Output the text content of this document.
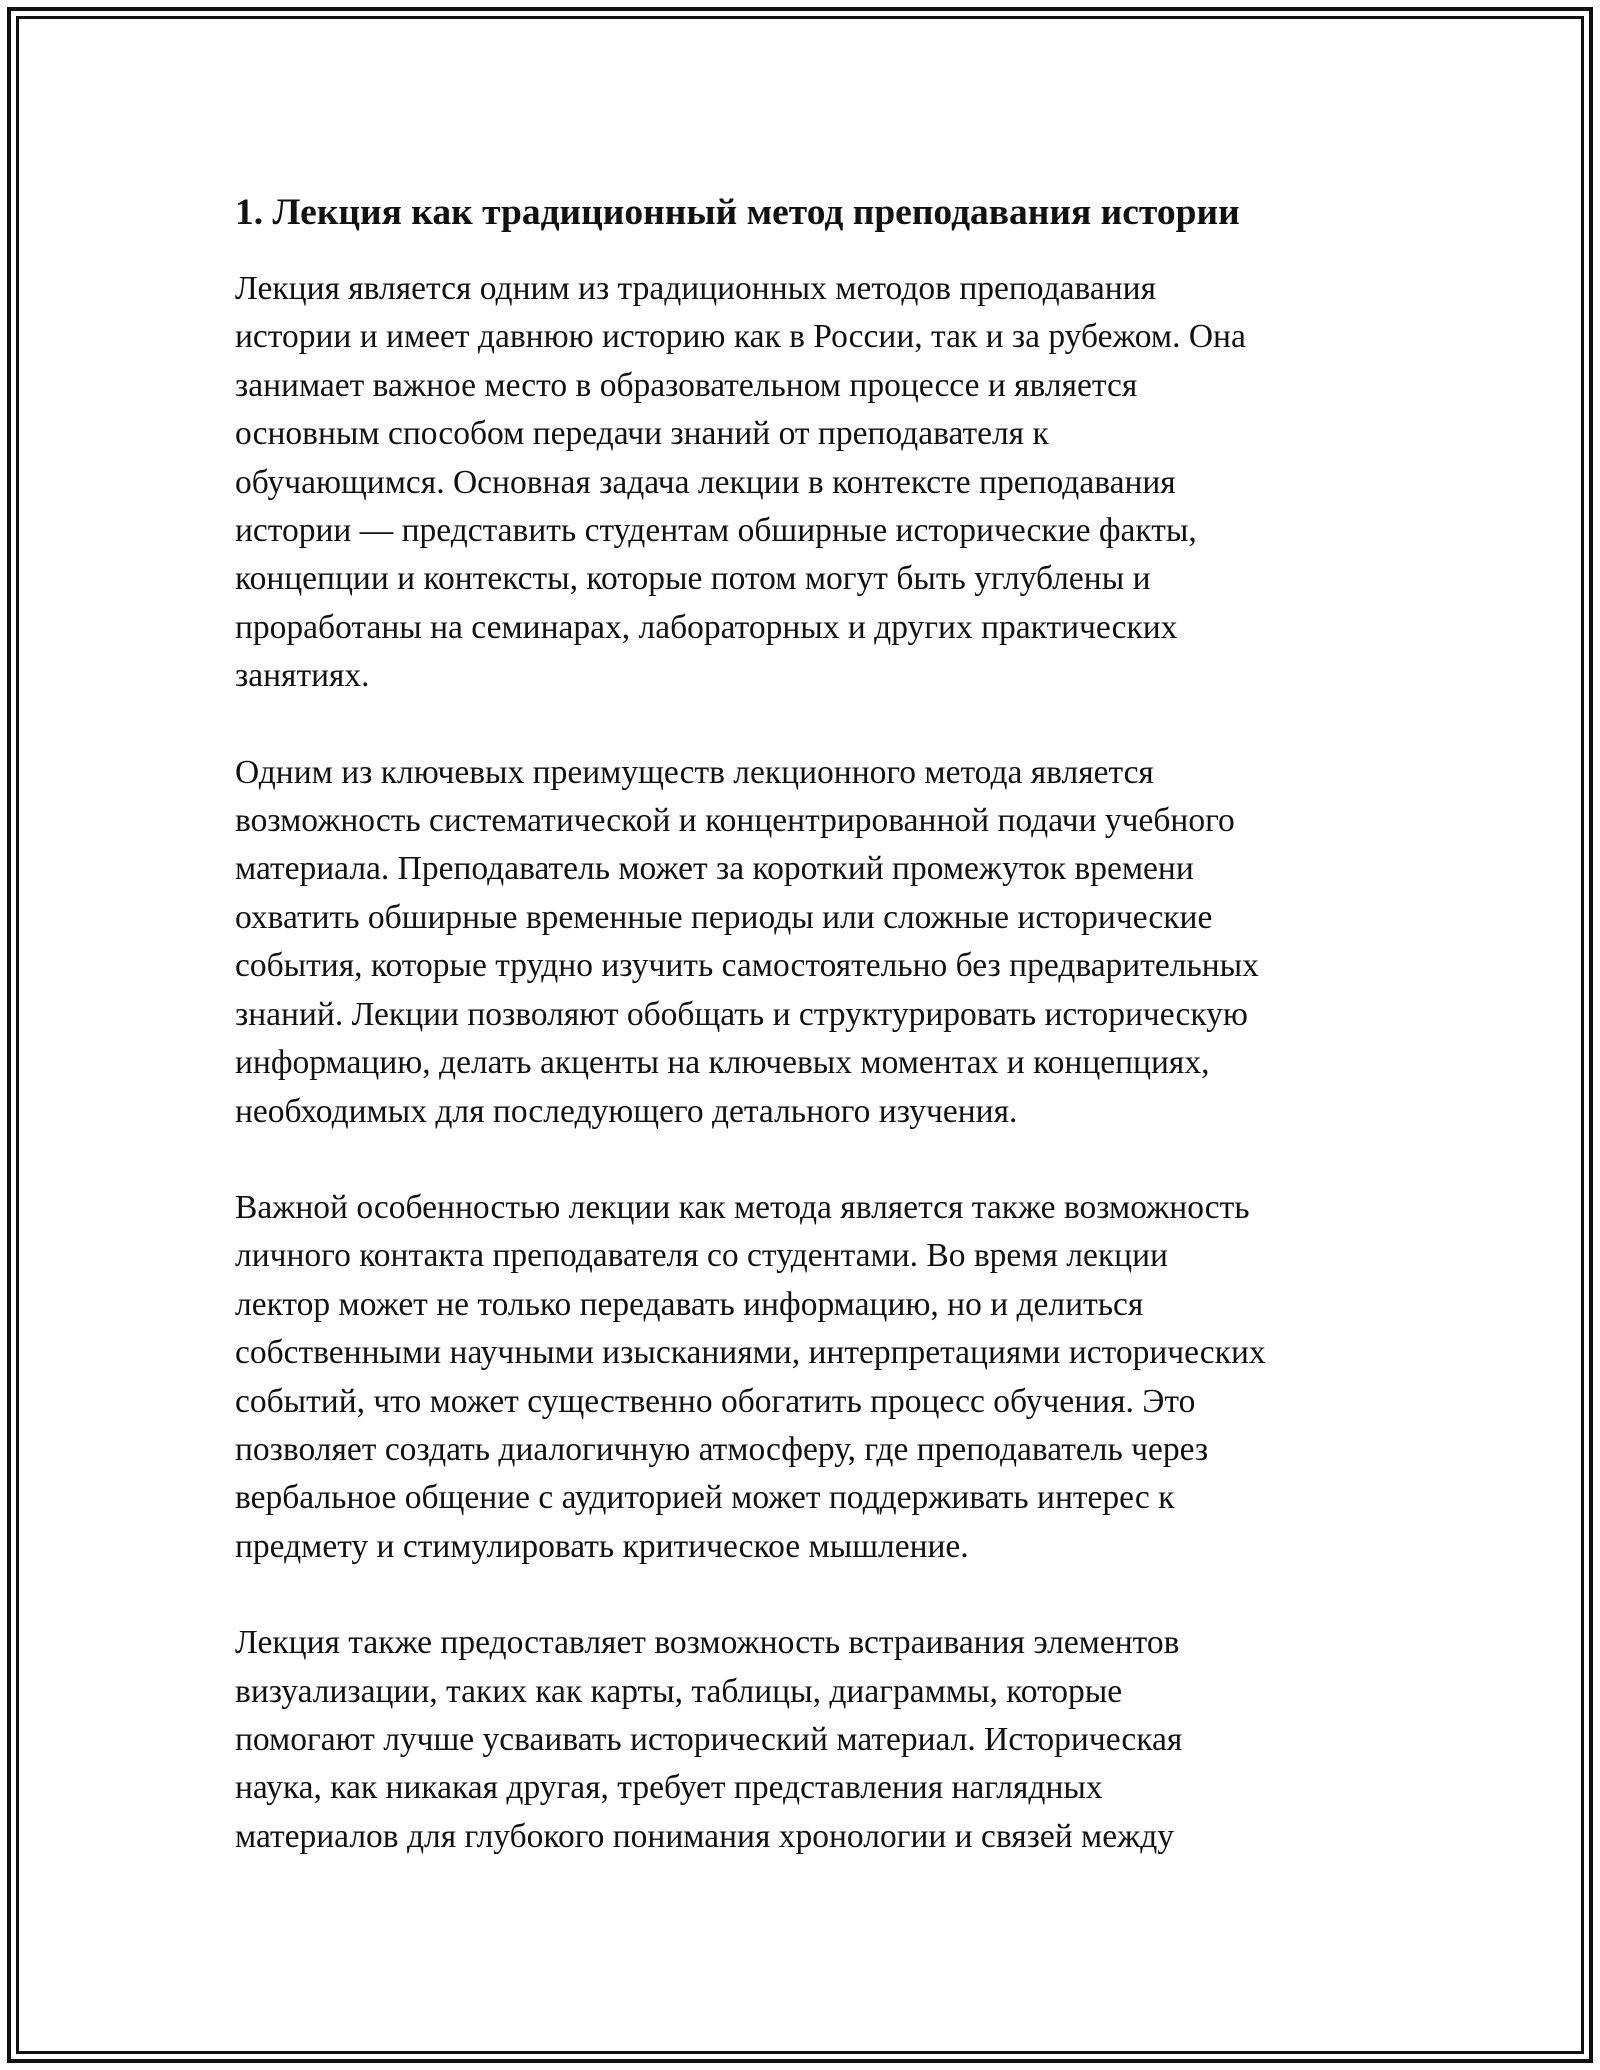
1. Лекция как традиционный метод преподавания истории

Лекция является одним из традиционных методов преподавания
истории и имеет давнюю историю как в России, так и за рубежом. Она
занимает важное место в образовательном процессе и является
основным способом передачи знаний от преподавателя к
обучающимся. Основная задача лекции в контексте преподавания
истории — представить студентам обширные исторические факты,
концепции и контексты, которые потом могут быть углублены и
проработаны на семинарах, лабораторных и других практических
занятиях.

Одним из ключевых преимуществ лекционного метода является
возможность систематической и концентрированной подачи учебного
материала. Преподаватель может за короткий промежуток времени
охватить обширные временные периоды или сложные исторические
события, которые трудно изучить самостоятельно без предварительных
знаний. Лекции позволяют обобщать и структурировать историческую
информацию, делать акценты на ключевых моментах и концепциях,
необходимых для последующего детального изучения.

Важной особенностью лекции как метода является также возможность
личного контакта преподавателя со студентами. Во время лекции
лектор может не только передавать информацию, но и делиться
собственными научными изысканиями, интерпретациями исторических
событий, что может существенно обогатить процесс обучения. Это
позволяет создать диалогичную атмосферу, где преподаватель через
вербальное общение с аудиторией может поддерживать интерес к
предмету и стимулировать критическое мышление.

Лекция также предоставляет возможность встраивания элементов
визуализации, таких как карты, таблицы, диаграммы, которые
помогают лучше усваивать исторический материал. Историческая
наука, как никакая другая, требует представления наглядных
материалов для глубокого понимания хронологии и связей между
